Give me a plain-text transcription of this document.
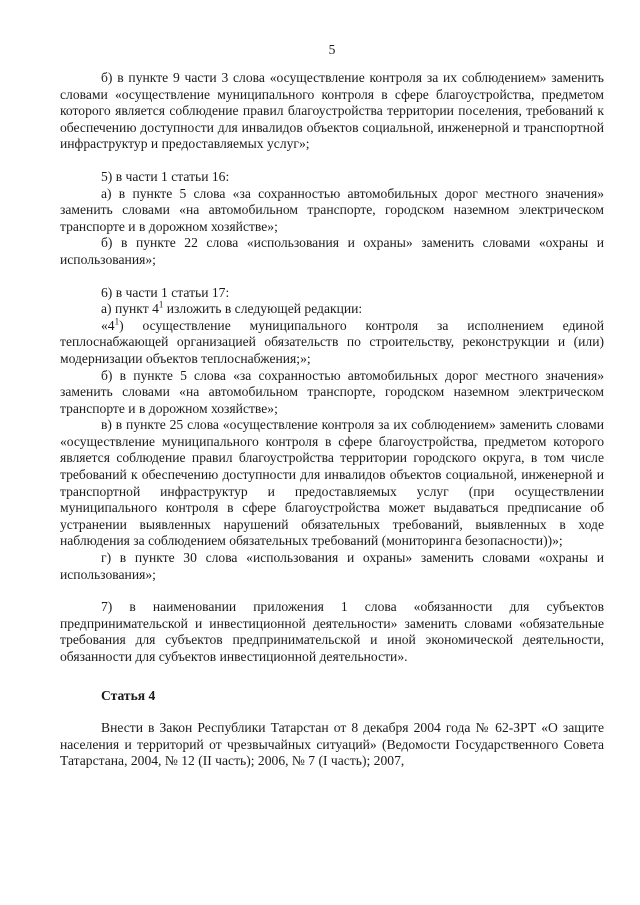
5

б) в пункте 9 части 3 слова «осуществление контроля за их соблюдением» заменить словами «осуществление муниципального контроля в сфере благоустройства, предметом которого является соблюдение правил благоустройства территории поселения, требований к обеспечению доступности для инвалидов объектов социальной, инженерной и транспортной инфраструктур и предоставляемых услуг»;

5) в части 1 статьи 16:

а) в пункте 5 слова «за сохранностью автомобильных дорог местного значения» заменить словами «на автомобильном транспорте, городском наземном электрическом транспорте и в дорожном хозяйстве»;

б) в пункте 22 слова «использования и охраны» заменить словами «охраны и использования»;

6) в части 1 статьи 17:

а) пункт $4^1$ изложить в следующей редакции:

«$4^1$) осуществление муниципального контроля за исполнением единой теплоснабжающей организацией обязательств по строительству, реконструкции и (или) модернизации объектов теплоснабжения;»;

б) в пункте 5 слова «за сохранностью автомобильных дорог местного значения» заменить словами «на автомобильном транспорте, городском наземном электрическом транспорте и в дорожном хозяйстве»;

в) в пункте 25 слова «осуществление контроля за их соблюдением» заменить словами «осуществление муниципального контроля в сфере благоустройства, предметом которого является соблюдение правил благоустройства территории городского округа, в том числе требований к обеспечению доступности для инвалидов объектов социальной, инженерной и транспортной инфраструктур и предоставляемых услуг (при осуществлении муниципального контроля в сфере благоустройства может выдаваться предписание об устранении выявленных нарушений обязательных требований, выявленных в ходе наблюдения за соблюдением обязательных требований (мониторинга безопасности))»;

г) в пункте 30 слова «использования и охраны» заменить словами «охраны и использования»;

7) в наименовании приложения 1 слова «обязанности для субъектов предпринимательской и инвестиционной деятельности» заменить словами «обязательные требования для субъектов предпринимательской и иной экономической деятельности, обязанности для субъектов инвестиционной деятельности».

Статья 4

Внести в Закон Республики Татарстан от 8 декабря 2004 года № 62-ЗРТ «О защите населения и территорий от чрезвычайных ситуаций» (Ведомости Государственного Совета Татарстана, 2004, № 12 (II часть); 2006, № 7 (I часть); 2007,
